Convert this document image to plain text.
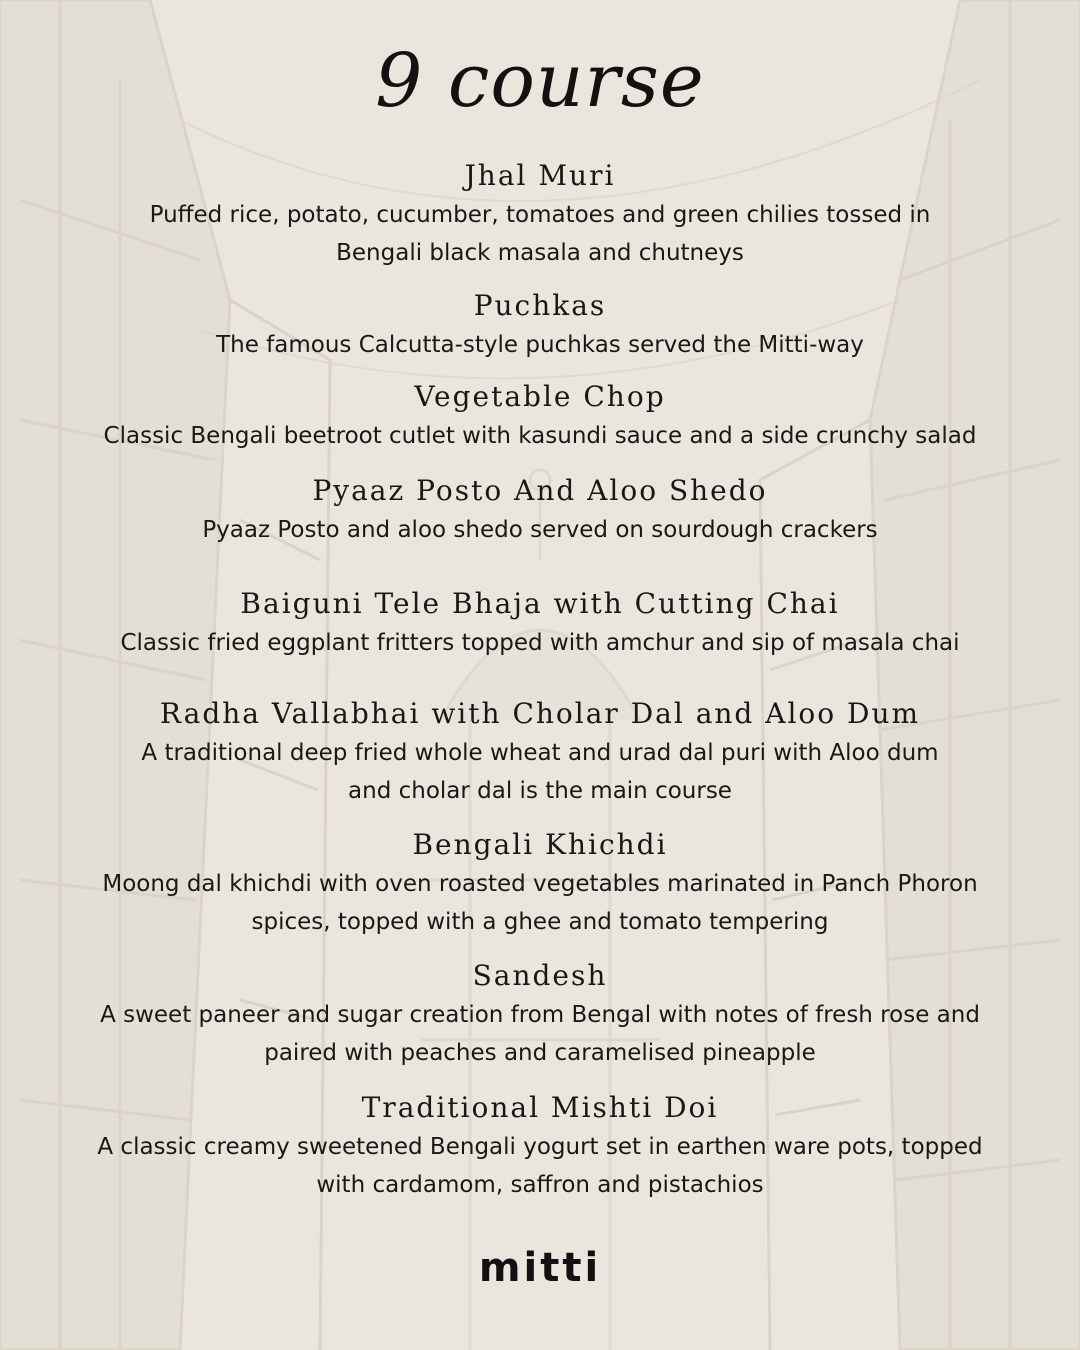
9 course
Jhal Muri
Puffed rice, potato, cucumber, tomatoes and green chilies tossed in
Bengali black masala and chutneys
Puchkas
The famous Calcutta-style puchkas served the Mitti-way
Vegetable Chop
Classic Bengali beetroot cutlet with kasundi sauce and a side crunchy salad
Pyaaz Posto And Aloo Shedo
Pyaaz Posto and aloo shedo served on sourdough crackers
Baiguni Tele Bhaja with Cutting Chai
Classic fried eggplant fritters topped with amchur and sip of masala chai
Radha Vallabhai with Cholar Dal and Aloo Dum
A traditional deep fried whole wheat and urad dal puri with Aloo dum
and cholar dal is the main course
Bengali Khichdi
Moong dal khichdi with oven roasted vegetables marinated in Panch Phoron
spices, topped with a ghee and tomato tempering
Sandesh
A sweet paneer and sugar creation from Bengal with notes of fresh rose and
paired with peaches and caramelised pineapple
Traditional Mishti Doi
A classic creamy sweetened Bengali yogurt set in earthen ware pots, topped
with cardamom, saffron and pistachios
mitti
